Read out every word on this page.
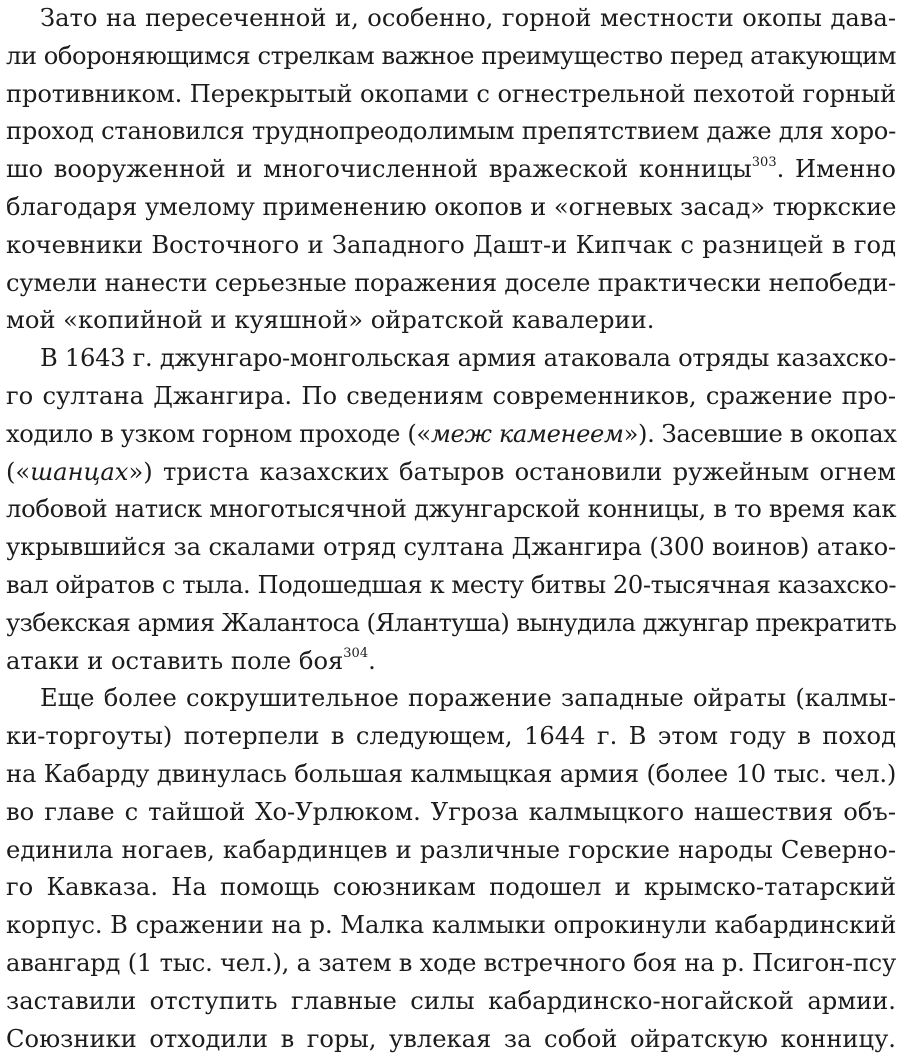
Зато на пересеченной и, особенно, горной местности окопы дава-
ли обороняющимся стрелкам важное преимущество перед атакующим
противником. Перекрытый окопами с огнестрельной пехотой горный
проход становился труднопреодолимым препятствием даже для хоро-
шо вооруженной и многочисленной вражеской конницы$^{303}$. Именно
благодаря умелому применению окопов и «огневых засад» тюркские
кочевники Восточного и Западного Дашт-и Кипчак с разницей в год
сумели нанести серьезные поражения доселе практически непобеди-
мой «копийной и куяшной» ойратской кавалерии.

В 1643 г. джунгаро-монгольская армия атаковала отряды казахско-
го султана Джангира. По сведениям современников, сражение про-
ходило в узком горном проходе («меж каменеем»). Засевшие в окопах
(«шанцах») триста казахских батыров остановили ружейным огнем
лобовой натиск многотысячной джунгарской конницы, в то время как
укрывшийся за скалами отряд султана Джангира (300 воинов) атако-
вал ойратов с тыла. Подошедшая к месту битвы 20-тысячная казахско-
узбекская армия Жалантоса (Ялантуша) вынудила джунгар прекратить
атаки и оставить поле боя$^{304}$.

Еще более сокрушительное поражение западные ойраты (калмы-
ки-торгоуты) потерпели в следующем, 1644 г. В этом году в поход
на Кабарду двинулась большая калмыцкая армия (более 10 тыс. чел.)
во главе с тайшой Хо-Урлюком. Угроза калмыцкого нашествия объ-
единила ногаев, кабардинцев и различные горские народы Северно-
го Кавказа. На помощь союзникам подошел и крымско-татарский
корпус. В сражении на р. Малка калмыки опрокинули кабардинский
авангард (1 тыс. чел.), а затем в ходе встречного боя на р. Псигон-псу
заставили отступить главные силы кабардинско-ногайской армии.
Союзники отходили в горы, увлекая за собой ойратскую конницу.
